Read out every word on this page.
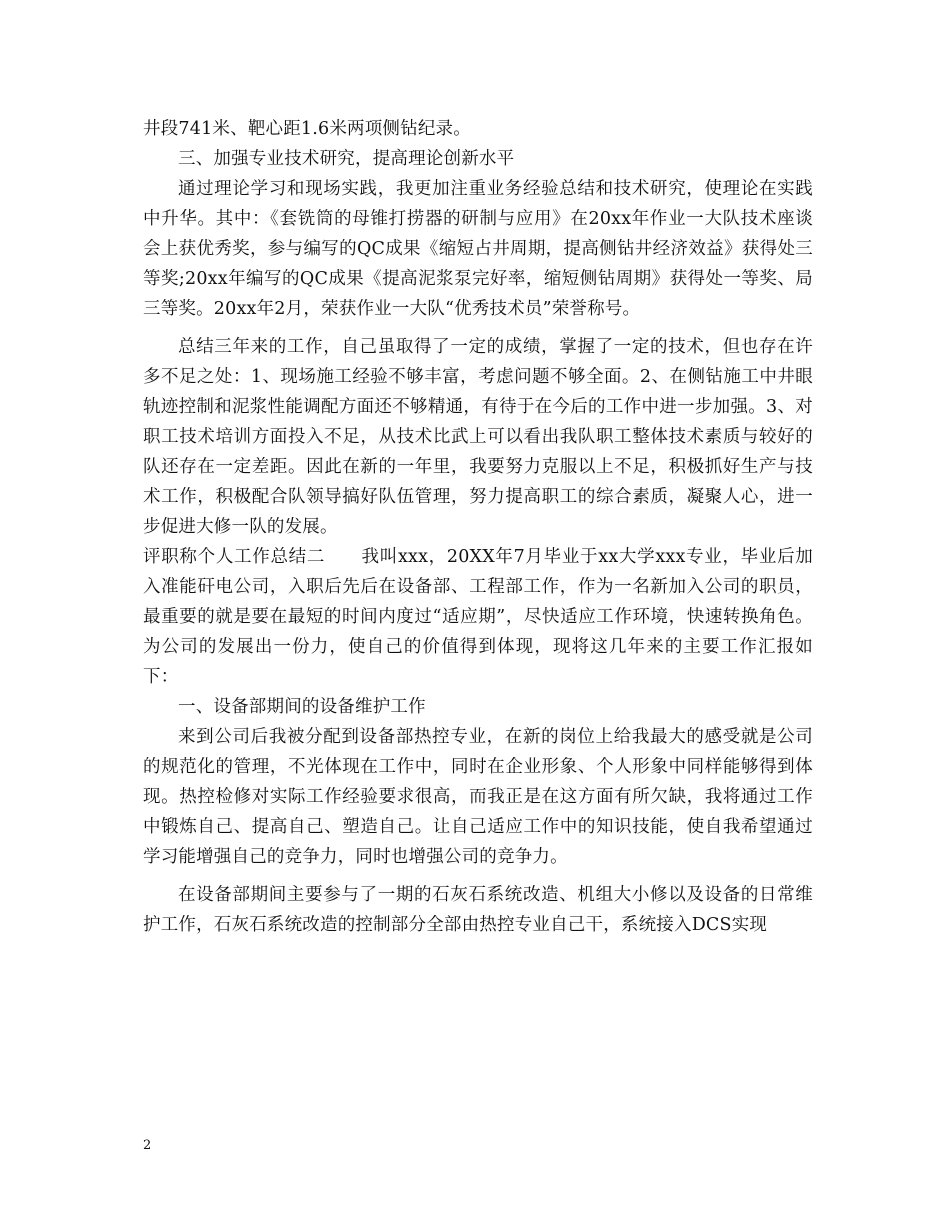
井段741米、靶心距1.6米两项侧钻纪录。

三、加强专业技术研究，提高理论创新水平

通过理论学习和现场实践，我更加注重业务经验总结和技术研究，使理论在实践中升华。其中：《套铣筒的母锥打捞器的研制与应用》在20xx年作业一大队技术座谈会上获优秀奖，参与编写的QC成果《缩短占井周期，提高侧钻井经济效益》获得处三等奖;20xx年编写的QC成果《提高泥浆泵完好率，缩短侧钻周期》获得处一等奖、局三等奖。20xx年2月，荣获作业一大队“优秀技术员”荣誉称号。

总结三年来的工作，自己虽取得了一定的成绩，掌握了一定的技术，但也存在许多不足之处：1、现场施工经验不够丰富，考虑问题不够全面。2、在侧钻施工中井眼轨迹控制和泥浆性能调配方面还不够精通，有待于在今后的工作中进一步加强。3、对职工技术培训方面投入不足，从技术比武上可以看出我队职工整体技术素质与较好的队还存在一定差距。因此在新的一年里，我要努力克服以上不足，积极抓好生产与技术工作，积极配合队领导搞好队伍管理，努力提高职工的综合素质，凝聚人心，进一步促进大修一队的发展。

评职称个人工作总结二　　我叫xxx，20XX年7月毕业于xx大学xxx专业，毕业后加入准能矸电公司，入职后先后在设备部、工程部工作，作为一名新加入公司的职员，最重要的就是要在最短的时间内度过“适应期”，尽快适应工作环境，快速转换角色。为公司的发展出一份力，使自己的价值得到体现，现将这几年来的主要工作汇报如下：

一、设备部期间的设备维护工作

来到公司后我被分配到设备部热控专业，在新的岗位上给我最大的感受就是公司的规范化的管理，不光体现在工作中，同时在企业形象、个人形象中同样能够得到体现。热控检修对实际工作经验要求很高，而我正是在这方面有所欠缺，我将通过工作中锻炼自己、提高自己、塑造自己。让自己适应工作中的知识技能，使自我希望通过学习能增强自己的竞争力，同时也增强公司的竞争力。

在设备部期间主要参与了一期的石灰石系统改造、机组大小修以及设备的日常维护工作，石灰石系统改造的控制部分全部由热控专业自己干，系统接入DCS实现

2
